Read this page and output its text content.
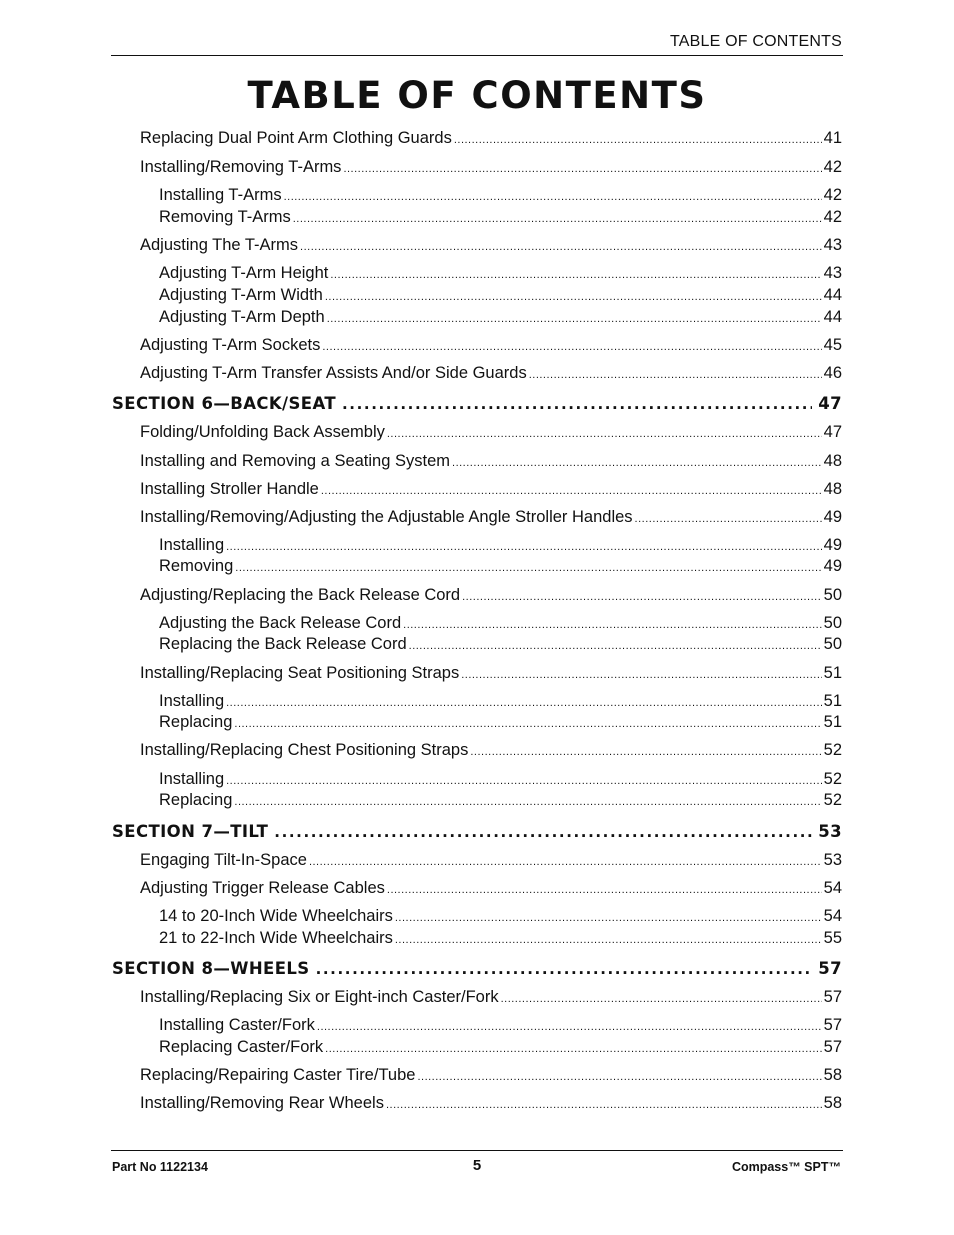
TABLE OF CONTENTS
TABLE OF CONTENTS
Replacing Dual Point Arm Clothing Guards .....	41
Installing/Removing T-Arms .....	42
Installing T-Arms .....	42
Removing T-Arms .....	42
Adjusting The T-Arms .....	43
Adjusting T-Arm Height .....	43
Adjusting T-Arm Width .....	44
Adjusting T-Arm Depth .....	44
Adjusting T-Arm Sockets .....	45
Adjusting T-Arm Transfer Assists And/or Side Guards .....	46
SECTION 6—BACK/SEAT .....	47
Folding/Unfolding Back Assembly .....	47
Installing and Removing a Seating System .....	48
Installing Stroller Handle .....	48
Installing/Removing/Adjusting the Adjustable Angle Stroller Handles .....	49
Installing .....	49
Removing .....	49
Adjusting/Replacing the Back Release Cord .....	50
Adjusting the Back Release Cord .....	50
Replacing the Back Release Cord .....	50
Installing/Replacing Seat Positioning Straps .....	51
Installing .....	51
Replacing .....	51
Installing/Replacing Chest Positioning Straps .....	52
Installing .....	52
Replacing .....	52
SECTION 7—TILT .....	53
Engaging Tilt-In-Space .....	53
Adjusting Trigger Release Cables .....	54
14 to 20-Inch Wide Wheelchairs .....	54
21 to 22-Inch Wide Wheelchairs .....	55
SECTION 8—WHEELS .....	57
Installing/Replacing Six or Eight-inch Caster/Fork .....	57
Installing Caster/Fork .....	57
Replacing Caster/Fork .....	57
Replacing/Repairing Caster Tire/Tube .....	58
Installing/Removing Rear Wheels .....	58
Part No 1122134	5	Compass™ SPT™
